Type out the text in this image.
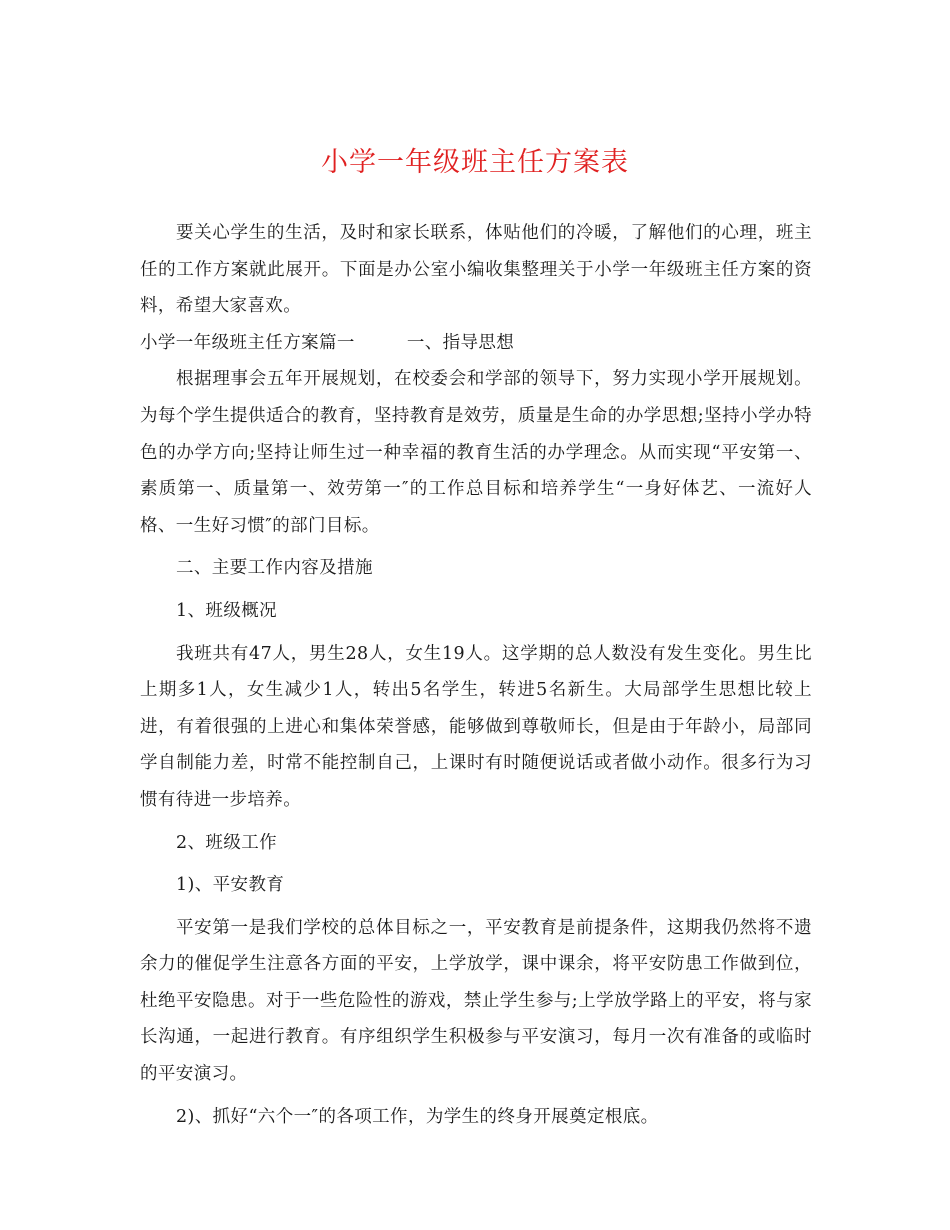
小学一年级班主任方案表

要关心学生的生活，及时和家长联系，体贴他们的冷暖，了解他们的心理，班主任的工作方案就此展开。下面是办公室小编收集整理关于小学一年级班主任方案的资料，希望大家喜欢。

小学一年级班主任方案篇一	一、指导思想

根据理事会五年开展规划，在校委会和学部的领导下，努力实现小学开展规划。为每个学生提供适合的教育，坚持教育是效劳，质量是生命的办学思想;坚持小学办特色的办学方向;坚持让师生过一种幸福的教育生活的办学理念。从而实现“平安第一、素质第一、质量第一、效劳第一″的工作总目标和培养学生“一身好体艺、一流好人格、一生好习惯″的部门目标。

二、主要工作内容及措施

1、班级概况

我班共有47人，男生28人，女生19人。这学期的总人数没有发生变化。男生比上期多1人，女生减少1人，转出5名学生，转进5名新生。大局部学生思想比较上进，有着很强的上进心和集体荣誉感，能够做到尊敬师长，但是由于年龄小，局部同学自制能力差，时常不能控制自己，上课时有时随便说话或者做小动作。很多行为习惯有待进一步培养。

2、班级工作

1)、平安教育

平安第一是我们学校的总体目标之一，平安教育是前提条件，这期我仍然将不遗余力的催促学生注意各方面的平安，上学放学，课中课余，将平安防患工作做到位，杜绝平安隐患。对于一些危险性的游戏，禁止学生参与;上学放学路上的平安，将与家长沟通，一起进行教育。有序组织学生积极参与平安演习，每月一次有准备的或临时的平安演习。

2)、抓好“六个一″的各项工作，为学生的终身开展奠定根底。
